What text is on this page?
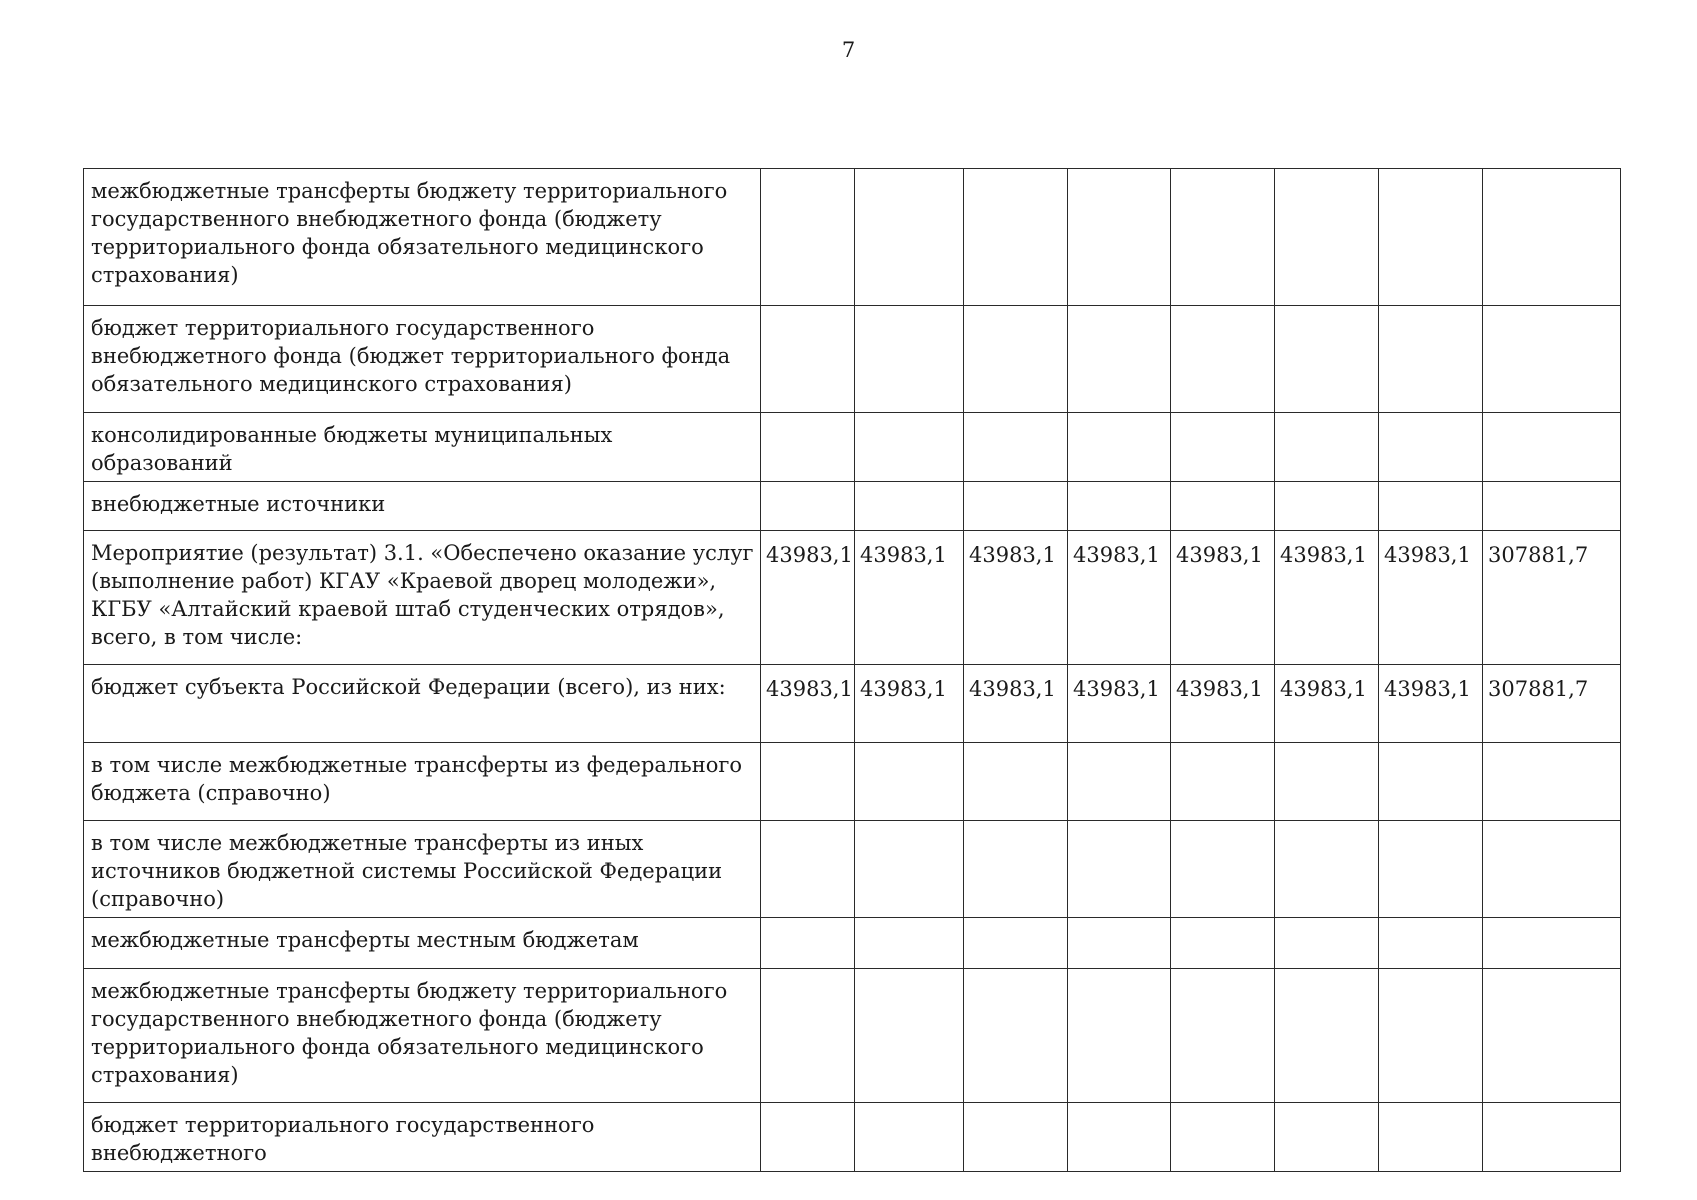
7
межбюджетные трансферты бюджету территориального государственного внебюджетного фонда (бюджету территориального фонда обязательного медицинского страхования)								
бюджет территориального государственного внебюджетного фонда (бюджет территориального фонда обязательного медицинского страхования)								
консолидированные бюджеты муниципальных образований								
внебюджетные источники								
Мероприятие (результат) 3.1. «Обеспечено оказание услуг (выполнение работ) КГАУ «Краевой дворец молодежи», КГБУ «Алтайский краевой штаб студенческих отрядов», всего, в том числе:	43983,1	43983,1	43983,1	43983,1	43983,1	43983,1	43983,1	307881,7
бюджет субъекта Российской Федерации (всего), из них:	43983,1	43983,1	43983,1	43983,1	43983,1	43983,1	43983,1	307881,7
в том числе межбюджетные трансферты из федерального бюджета (справочно)								
в том числе межбюджетные трансферты из иных источников бюджетной системы Российской Федерации (справочно)								
межбюджетные трансферты местным бюджетам								
межбюджетные трансферты бюджету территориального государственного внебюджетного фонда (бюджету территориального фонда обязательного медицинского страхования)								
бюджет территориального государственного внебюджетного								
